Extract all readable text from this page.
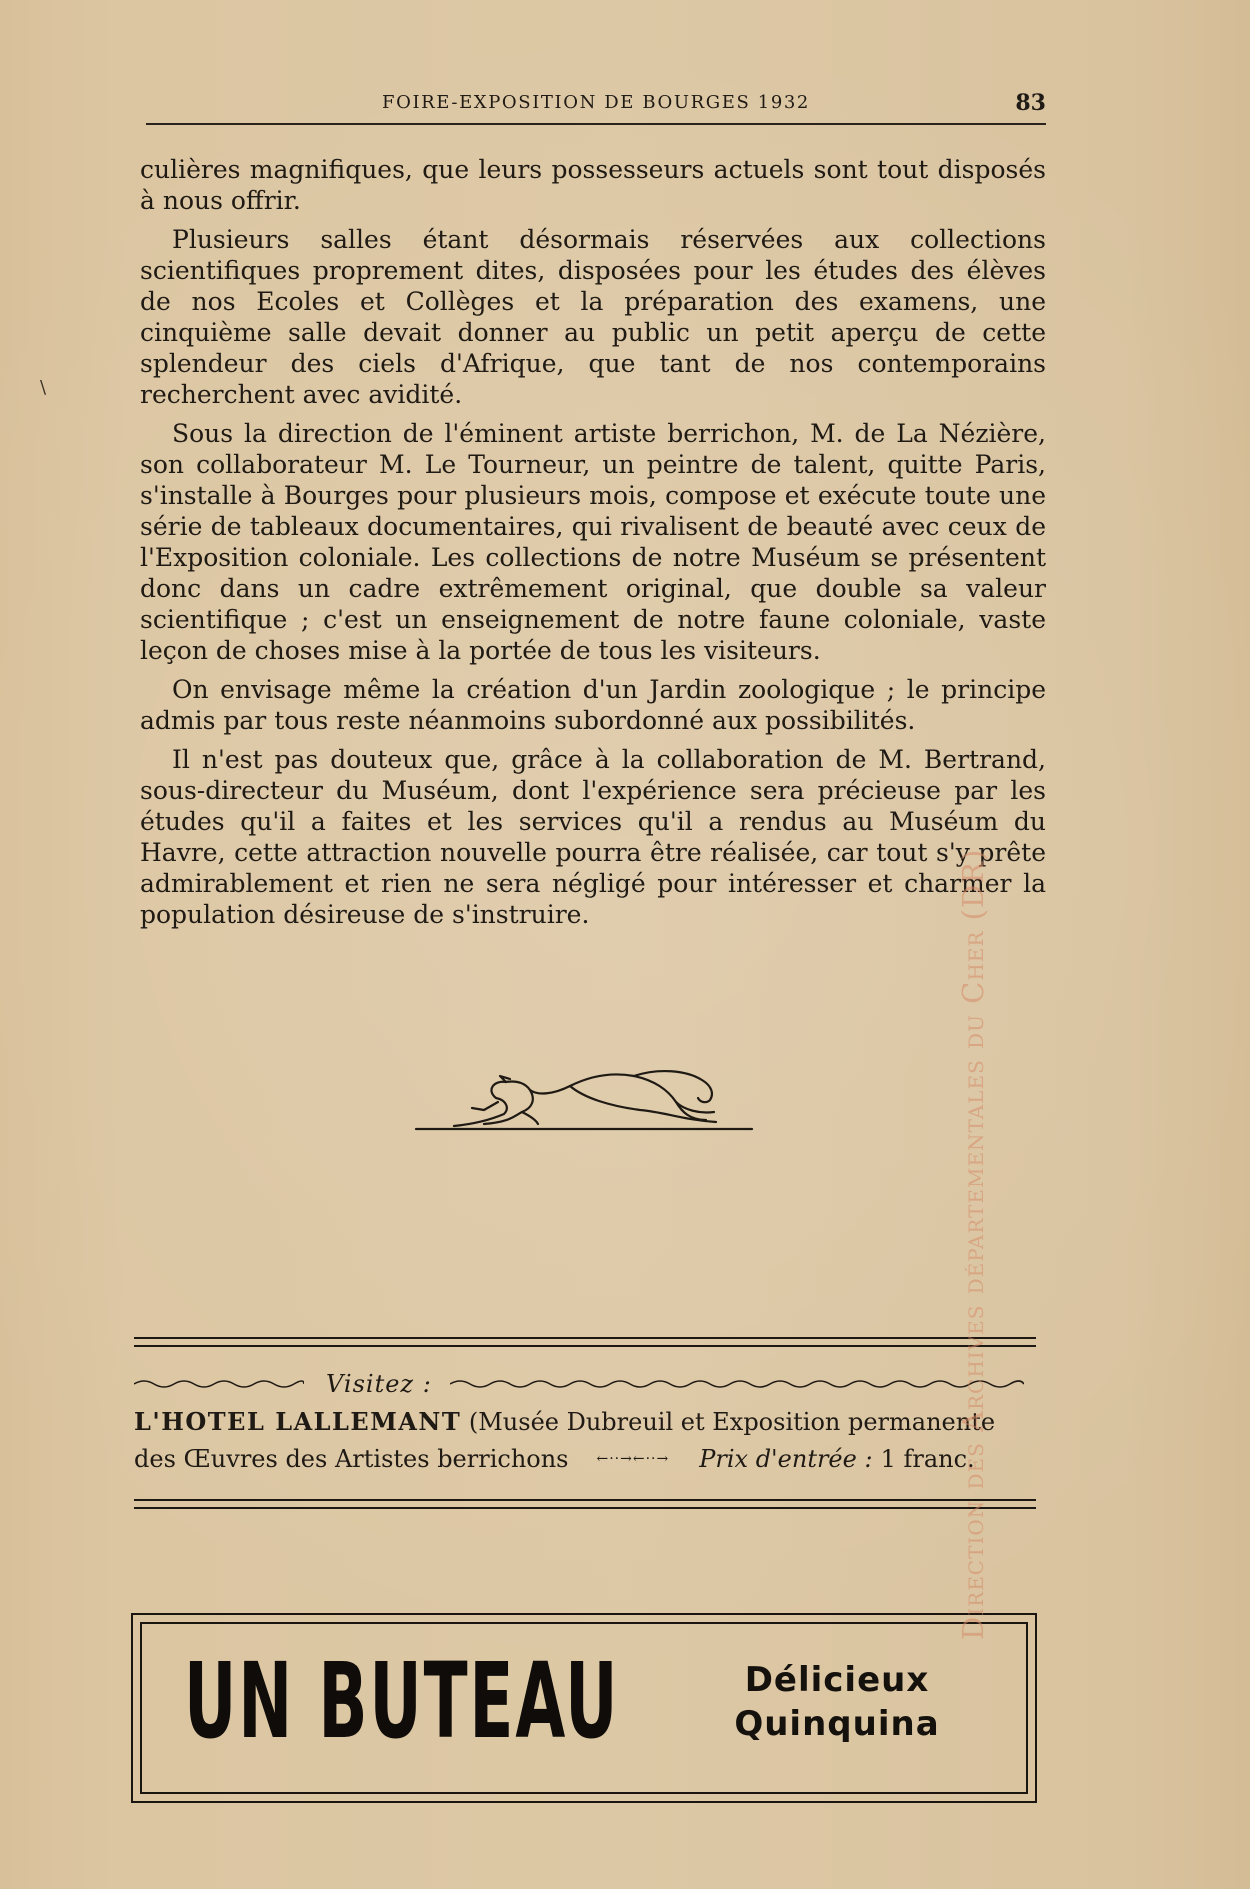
\
FOIRE-EXPOSITION DE BOURGES 1932	83

culières magnifiques, que leurs possesseurs actuels sont tout disposés à nous offrir.

Plusieurs salles étant désormais réservées aux collections scientifiques proprement dites, disposées pour les études des élèves de nos Ecoles et Collèges et la préparation des examens, une cinquième salle devait donner au public un petit aperçu de cette splendeur des ciels d'Afrique, que tant de nos contemporains recherchent avec avidité.

Sous la direction de l'éminent artiste berrichon, M. de La Nézière, son collaborateur M. Le Tourneur, un peintre de talent, quitte Paris, s'installe à Bourges pour plusieurs mois, compose et exécute toute une série de tableaux documentaires, qui rivalisent de beauté avec ceux de l'Exposition coloniale. Les collections de notre Muséum se présentent donc dans un cadre extrêmement original, que double sa valeur scientifique ; c'est un enseignement de notre faune coloniale, vaste leçon de choses mise à la portée de tous les visiteurs.

On envisage même la création d'un Jardin zoologique ; le principe admis par tous reste néanmoins subordonné aux possibilités.

Il n'est pas douteux que, grâce à la collaboration de M. Bertrand, sous-directeur du Muséum, dont l'expérience sera précieuse par les études qu'il a faites et les services qu'il a rendus au Muséum du Havre, cette attraction nouvelle pourra être réalisée, car tout s'y prête admirablement et rien ne sera négligé pour intéresser et charmer la population désireuse de s'instruire.

Visitez :
L'HOTEL LALLEMANT (Musée Dubreuil et Exposition permanente
des Œuvres des Artistes berrichons ←··→←··→ Prix d'entrée : 1 franc.
UN BUTEAU	Délicieux
Quinquina
Direction des Archives départementales du Cher (DR)
